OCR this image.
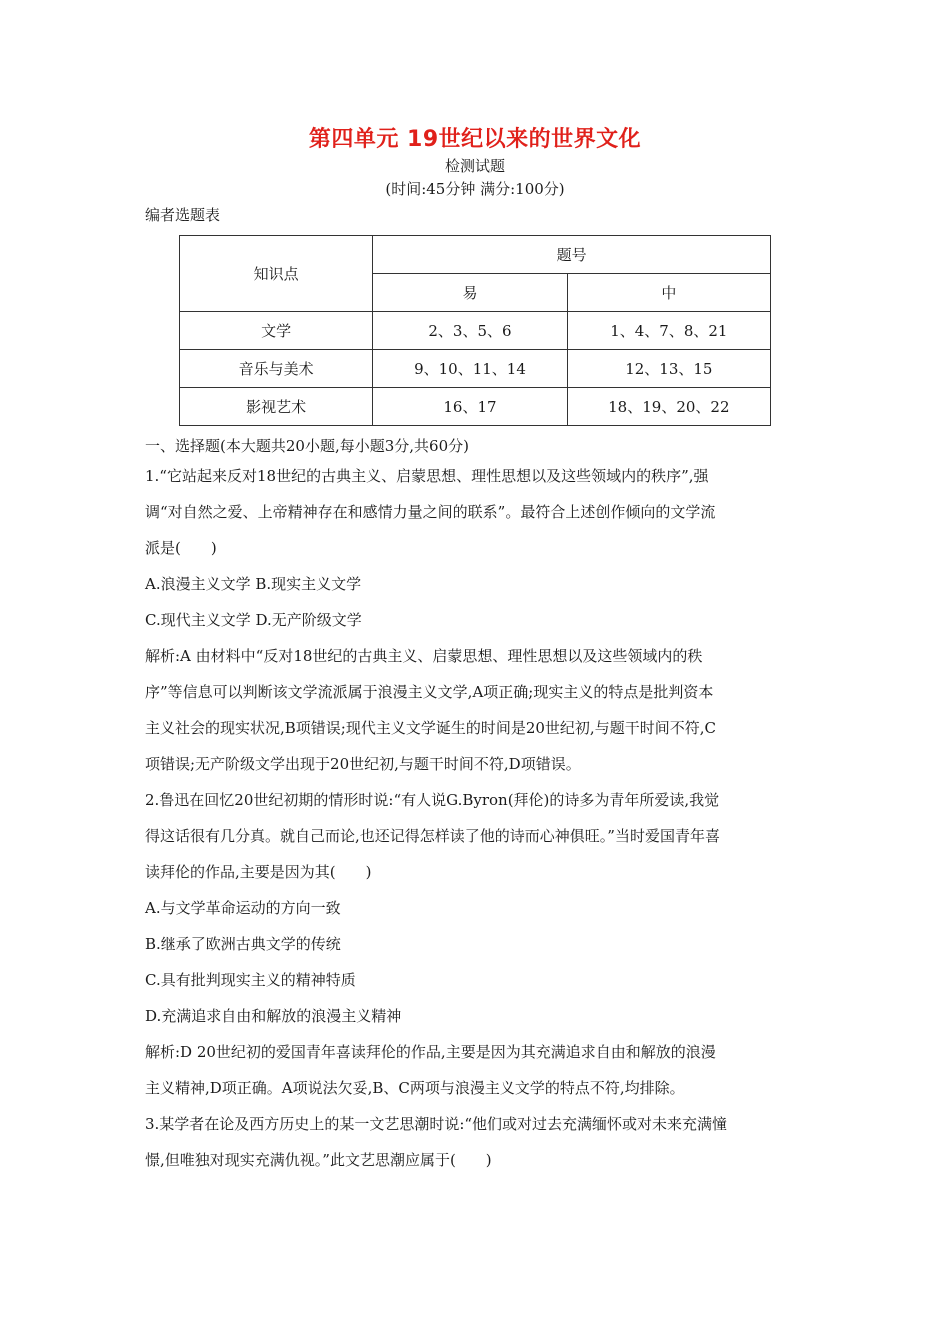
第四单元 19世纪以来的世界文化
检测试题
(时间:45分钟 满分:100分)
编者选题表
知识点	题号	
	易	中
文学	2、3、5、6	1、4、7、8、21
音乐与美术	9、10、11、14	12、13、15
影视艺术	16、17	18、19、20、22
一、选择题(本大题共20小题,每小题3分,共60分)
1.“它站起来反对18世纪的古典主义、启蒙思想、理性思想以及这些领域内的秩序”,强
调“对自然之爱、上帝精神存在和感情力量之间的联系”。最符合上述创作倾向的文学流
派是(　　)
A.浪漫主义文学 B.现实主义文学
C.现代主义文学 D.无产阶级文学
解析:A 由材料中“反对18世纪的古典主义、启蒙思想、理性思想以及这些领域内的秩
序”等信息可以判断该文学流派属于浪漫主义文学,A项正确;现实主义的特点是批判资本
主义社会的现实状况,B项错误;现代主义文学诞生的时间是20世纪初,与题干时间不符,C
项错误;无产阶级文学出现于20世纪初,与题干时间不符,D项错误。
2.鲁迅在回忆20世纪初期的情形时说:“有人说G.Byron(拜伦)的诗多为青年所爱读,我觉
得这话很有几分真。就自己而论,也还记得怎样读了他的诗而心神俱旺。”当时爱国青年喜
读拜伦的作品,主要是因为其(　　)
A.与文学革命运动的方向一致
B.继承了欧洲古典文学的传统
C.具有批判现实主义的精神特质
D.充满追求自由和解放的浪漫主义精神
解析:D 20世纪初的爱国青年喜读拜伦的作品,主要是因为其充满追求自由和解放的浪漫
主义精神,D项正确。A项说法欠妥,B、C两项与浪漫主义文学的特点不符,均排除。
3.某学者在论及西方历史上的某一文艺思潮时说:“他们或对过去充满缅怀或对未来充满憧
憬,但唯独对现实充满仇视。”此文艺思潮应属于(　　)
